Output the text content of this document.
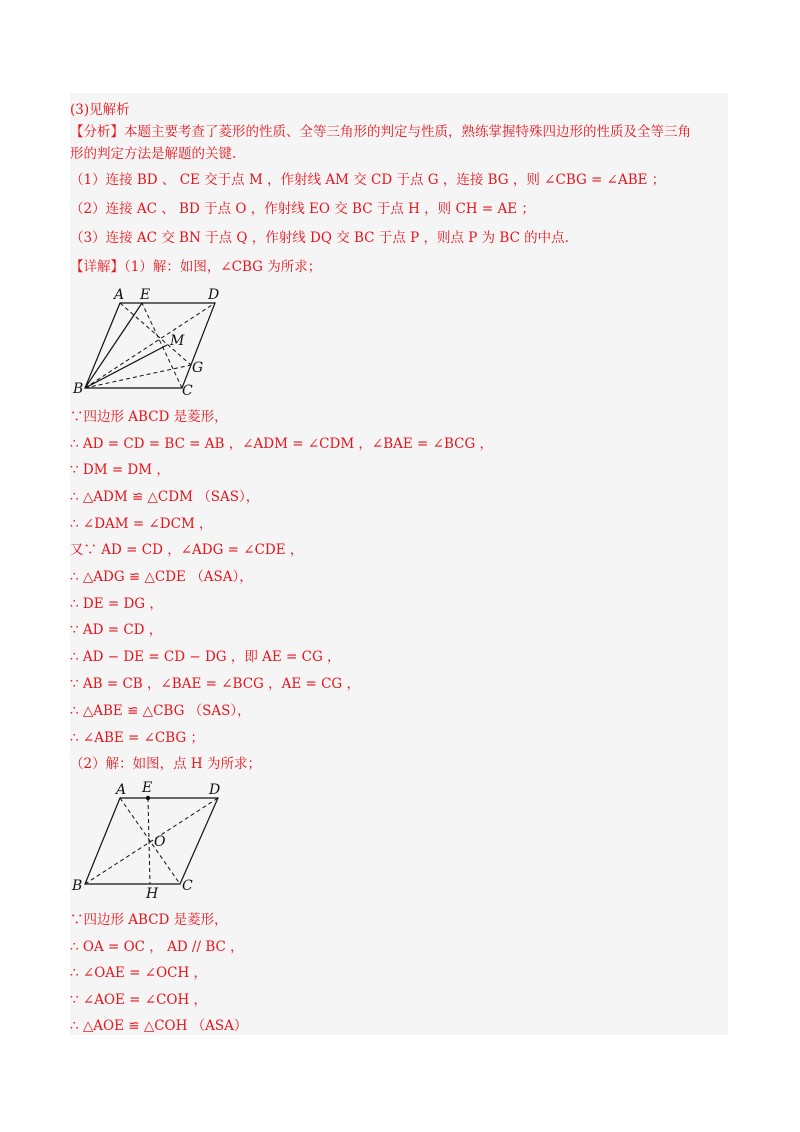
(3)见解析
【分析】本题主要考查了菱形的性质、全等三角形的判定与性质，熟练掌握特殊四边形的性质及全等三角
形的判定方法是解题的关键.
（1）连接 BD 、 CE 交于点 M ，作射线 AM 交 CD 于点 G ，连接 BG ，则 ∠CBG = ∠ABE ；
（2）连接 AC 、 BD 于点 O ，作射线 EO 交 BC 于点 H ，则 CH = AE ；
（3）连接 AC 交 BN 于点 Q ，作射线 DQ 交 BC 于点 P ，则点 P 为 BC 的中点.
【详解】（1）解：如图，∠CBG 为所求；
∵四边形 ABCD 是菱形，
∴ AD = CD = BC = AB ，∠ADM = ∠CDM ，∠BAE = ∠BCG ，
∵ DM = DM ，
∴ △ADM ≌ △CDM （SAS），
∴ ∠DAM = ∠DCM ，
又∵ AD = CD ，∠ADG = ∠CDE ，
∴ △ADG ≌ △CDE （ASA），
∴ DE = DG ，
∵ AD = CD ，
∴ AD − DE = CD − DG ，即 AE = CG ，
∵ AB = CB ，∠BAE = ∠BCG ，AE = CG ，
∴ △ABE ≌ △CBG （SAS），
∴ ∠ABE = ∠CBG ；
（2）解：如图，点 H 为所求；
∵四边形 ABCD 是菱形，
∴ OA = OC ， AD // BC ，
∴ ∠OAE = ∠OCH ，
∵ ∠AOE = ∠COH ，
∴ △AOE ≌ △COH （ASA）
A E	D
M
G
B	C
A E	D
O
B	H C
